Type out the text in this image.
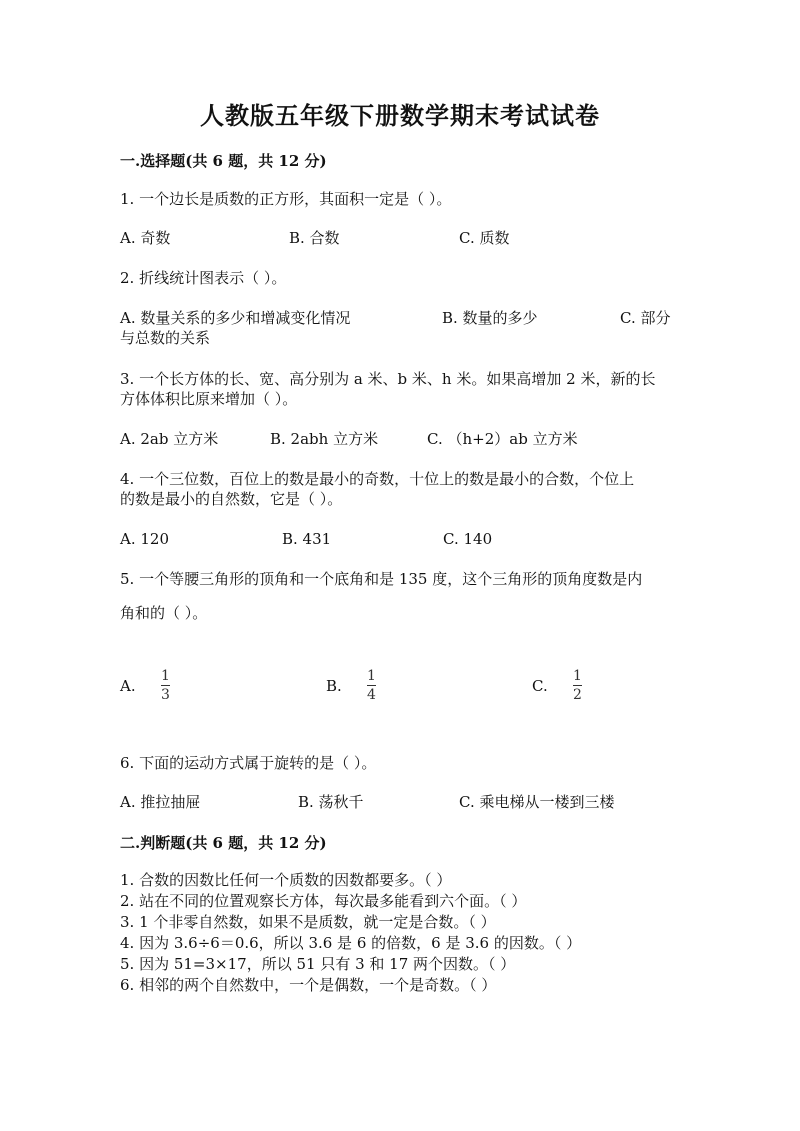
人教版五年级下册数学期末考试试卷
一.选择题(共 6 题，共 12 分)
1. 一个边长是质数的正方形，其面积一定是（ ）。
A. 奇数	B. 合数	C. 质数
2. 折线统计图表示（ ）。
A. 数量关系的多少和增减变化情况	B. 数量的多少	C. 部分
与总数的关系
3. 一个长方体的长、宽、高分别为 a 米、b 米、h 米。如果高增加 2 米，新的长
方体体积比原来增加（ ）。
A. 2ab 立方米	B. 2abh 立方米	C. （h+2）ab 立方米
4. 一个三位数，百位上的数是最小的奇数，十位上的数是最小的合数，个位上
的数是最小的自然数，它是（ ）。
A. 120	B. 431	C. 140
5. 一个等腰三角形的顶角和一个底角和是 135 度，这个三角形的顶角度数是内
角和的（ ）。
A.
1
3	B.
1
4	C.
1
2
6. 下面的运动方式属于旋转的是（ ）。
A. 推拉抽屉	B. 荡秋千	C. 乘电梯从一楼到三楼
二.判断题(共 6 题，共 12 分)
1. 合数的因数比任何一个质数的因数都要多。（ ）
2. 站在不同的位置观察长方体，每次最多能看到六个面。（ ）
3. 1 个非零自然数，如果不是质数，就一定是合数。（ ）
4. 因为 3.6÷6＝0.6，所以 3.6 是 6 的倍数，6 是 3.6 的因数。（ ）
5. 因为 51=3×17，所以 51 只有 3 和 17 两个因数。（ ）
6. 相邻的两个自然数中，一个是偶数，一个是奇数。（ ）
